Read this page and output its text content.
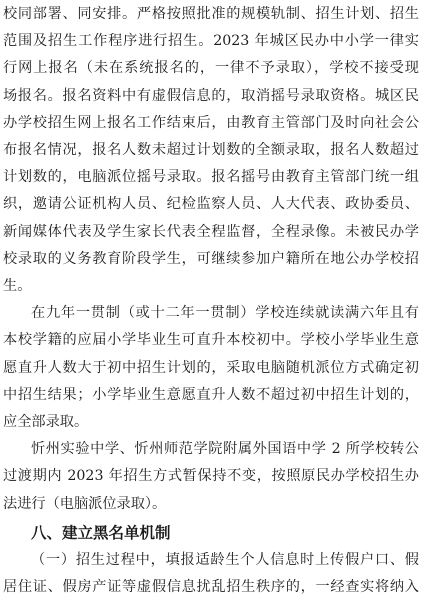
校同部署、同安排。严格按照批准的规模轨制、招生计划、招生
范围及招生工作程序进行招生。2023 年城区民办中小学一律实
行网上报名（未在系统报名的，一律不予录取），学校不接受现
场报名。报名资料中有虚假信息的，取消摇号录取资格。城区民
办学校招生网上报名工作结束后，由教育主管部门及时向社会公
布报名情况，报名人数未超过计划数的全额录取，报名人数超过
计划数的，电脑派位摇号录取。报名摇号由教育主管部门统一组
织，邀请公证机构人员、纪检监察人员、人大代表、政协委员、
新闻媒体代表及学生家长代表全程监督，全程录像。未被民办学
校录取的义务教育阶段学生，可继续参加户籍所在地公办学校招
生。
在九年一贯制（或十二年一贯制）学校连续就读满六年且有
本校学籍的应届小学毕业生可直升本校初中。学校小学毕业生意
愿直升人数大于初中招生计划的，采取电脑随机派位方式确定初
中招生结果；小学毕业生意愿直升人数不超过初中招生计划的，
应全部录取。
忻州实验中学、忻州师范学院附属外国语中学 2 所学校转公
过渡期内 2023 年招生方式暂保持不变，按照原民办学校招生办
法进行（电脑派位录取）。
八、建立黑名单机制
（一）招生过程中，填报适龄生个人信息时上传假户口、假
居住证、假房产证等虚假信息扰乱招生秩序的，一经查实将纳入
